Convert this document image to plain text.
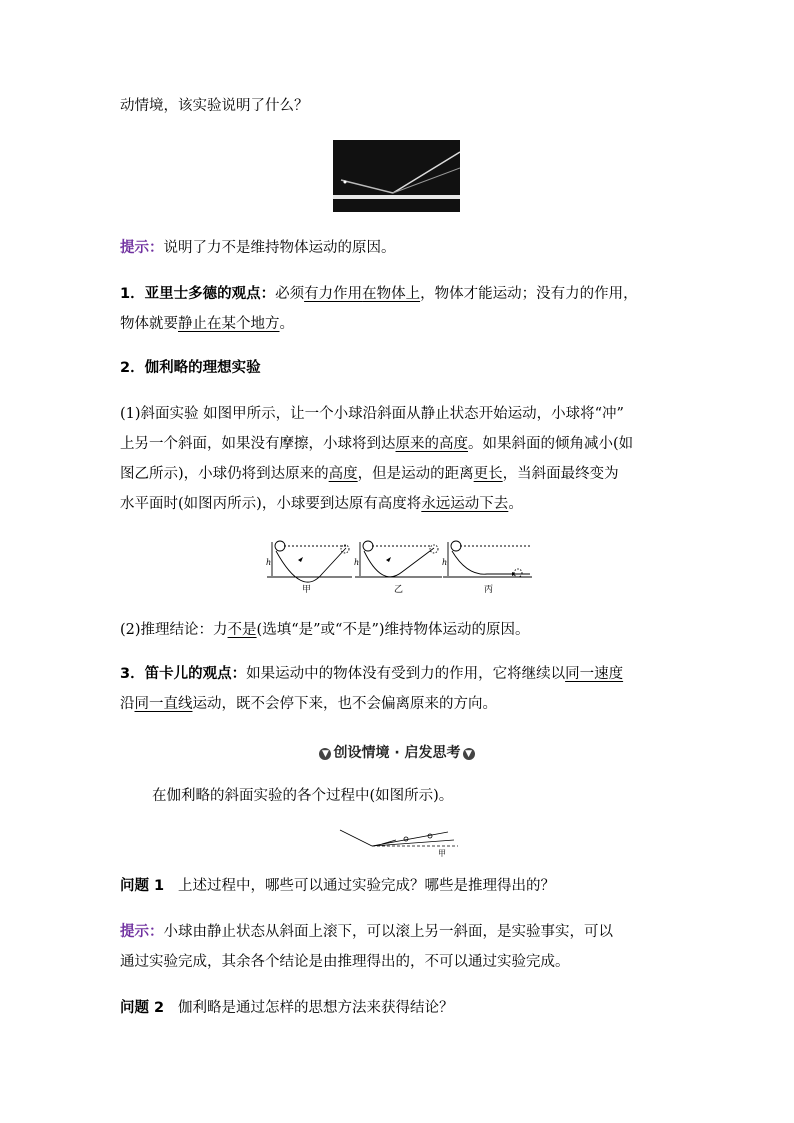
动情境，该实验说明了什么？
提示：说明了力不是维持物体运动的原因。
1．亚里士多德的观点：必须有力作用在物体上，物体才能运动；没有力的作用，
物体就要静止在某个地方。
2．伽利略的理想实验
(1)斜面实验 如图甲所示，让一个小球沿斜面从静止状态开始运动，小球将“冲”
上另一个斜面，如果没有摩擦，小球将到达原来的高度。如果斜面的倾角减小(如
图乙所示)，小球仍将到达原来的高度，但是运动的距离更长，当斜面最终变为
水平面时(如图丙所示)，小球要到达原有高度将永远运动下去。
h	h	h
甲	乙	丙
(2)推理结论：力不是(选填“是”或“不是”)维持物体运动的原因。
3．笛卡儿的观点：如果运动中的物体没有受到力的作用，它将继续以同一速度
沿同一直线运动，既不会停下来，也不会偏离原来的方向。
▼ 创设情境 · 启发思考 ▼
在伽利略的斜面实验的各个过程中(如图所示)。
甲
问题 1 上述过程中，哪些可以通过实验完成？哪些是推理得出的？
提示：小球由静止状态从斜面上滚下，可以滚上另一斜面，是实验事实，可以
通过实验完成，其余各个结论是由推理得出的，不可以通过实验完成。
问题 2 伽利略是通过怎样的思想方法来获得结论？
